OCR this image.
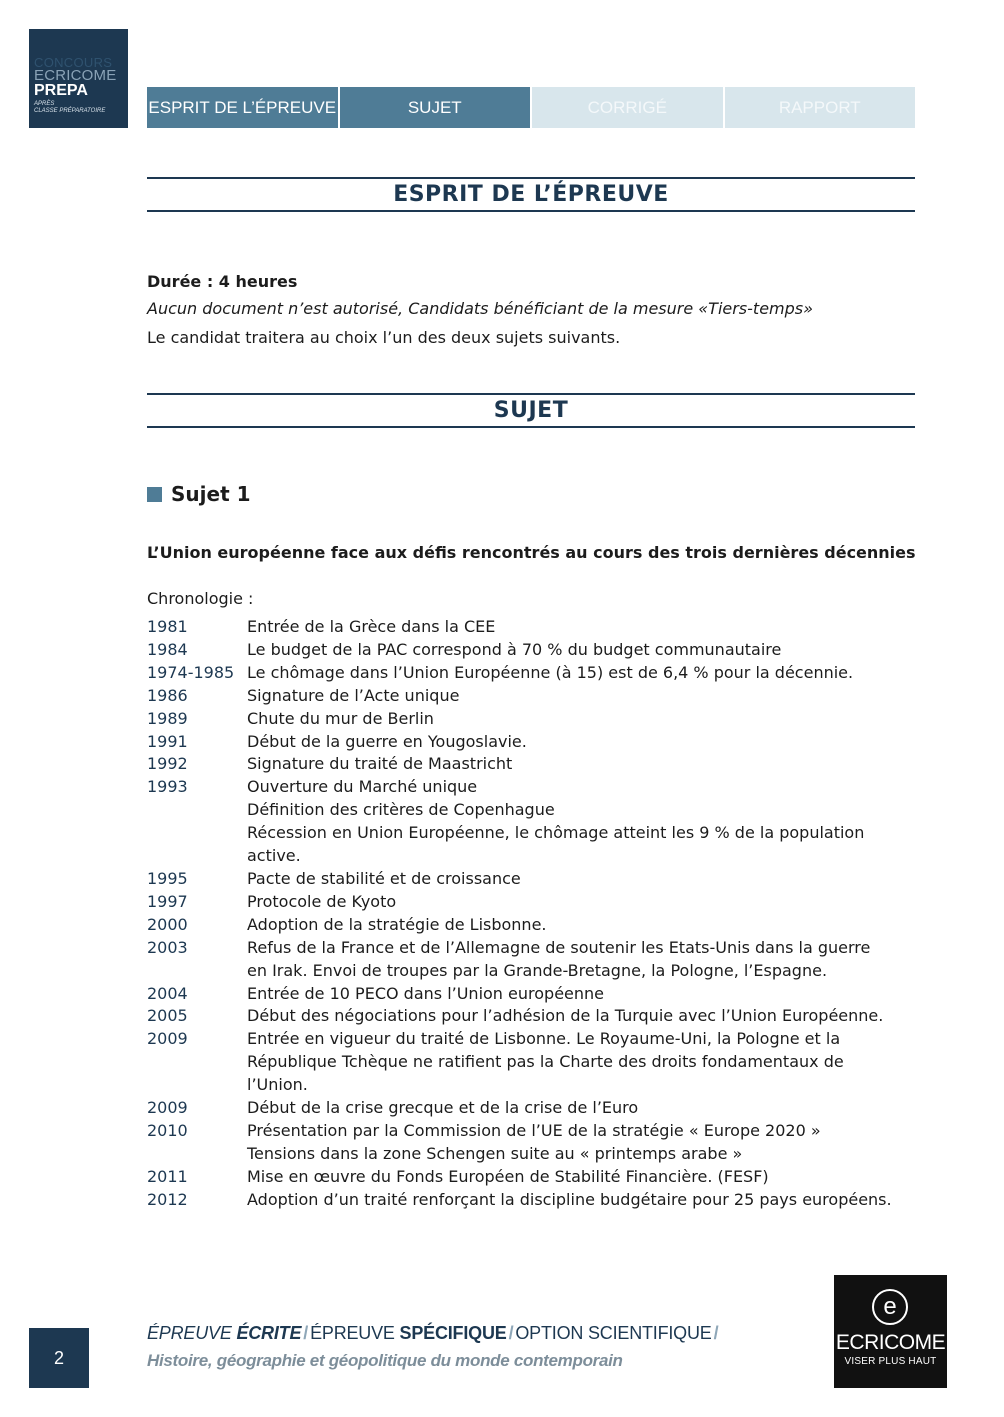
CONCOURS
ECRICOME
PREPA
APRÈS
CLASSE PRÉPARATOIRE	ESPRIT DE L’ÉPREUVE	SUJET	CORRIGÉ	RAPPORT
ESPRIT DE L’ÉPREUVE
Durée : 4 heures
Aucun document n’est autorisé, Candidats bénéficiant de la mesure «Tiers-temps»
Le candidat traitera au choix l’un des deux sujets suivants.
SUJET
Sujet 1
L’Union européenne face aux défis rencontrés au cours des trois dernières décennies
Chronologie :
1981	Entrée de la Grèce dans la CEE
1984	Le budget de la PAC correspond à 70 % du budget communautaire
1974-1985 Le chômage dans l’Union Européenne (à 15) est de 6,4 % pour la décennie.
1986	Signature de l’Acte unique
1989	Chute du mur de Berlin
1991	Début de la guerre en Yougoslavie.
1992	Signature du traité de Maastricht
1993	Ouverture du Marché unique
Définition des critères de Copenhague
Récession en Union Européenne, le chômage atteint les 9 % de la population
active.
1995	Pacte de stabilité et de croissance
1997	Protocole de Kyoto
2000	Adoption de la stratégie de Lisbonne.
2003	Refus de la France et de l’Allemagne de soutenir les Etats-Unis dans la guerre
en Irak. Envoi de troupes par la Grande-Bretagne, la Pologne, l’Espagne.
2004	Entrée de 10 PECO dans l’Union européenne
2005	Début des négociations pour l’adhésion de la Turquie avec l’Union Européenne.
2009	Entrée en vigueur du traité de Lisbonne. Le Royaume-Uni, la Pologne et la
République Tchèque ne ratifient pas la Charte des droits fondamentaux de
l’Union.
2009	Début de la crise grecque et de la crise de l’Euro
2010	Présentation par la Commission de l’UE de la stratégie « Europe 2020 »
Tensions dans la zone Schengen suite au « printemps arabe »
2011	Mise en œuvre du Fonds Européen de Stabilité Financière. (FESF)
2012	Adoption d’un traité renforçant la discipline budgétaire pour 25 pays européens.
2
ÉPREUVE ÉCRITE / ÉPREUVE SPÉCIFIQUE / OPTION SCIENTIFIQUE /
Histoire, géographie et géopolitique du monde contemporain
e
ECRICOME
VISER PLUS HAUT
